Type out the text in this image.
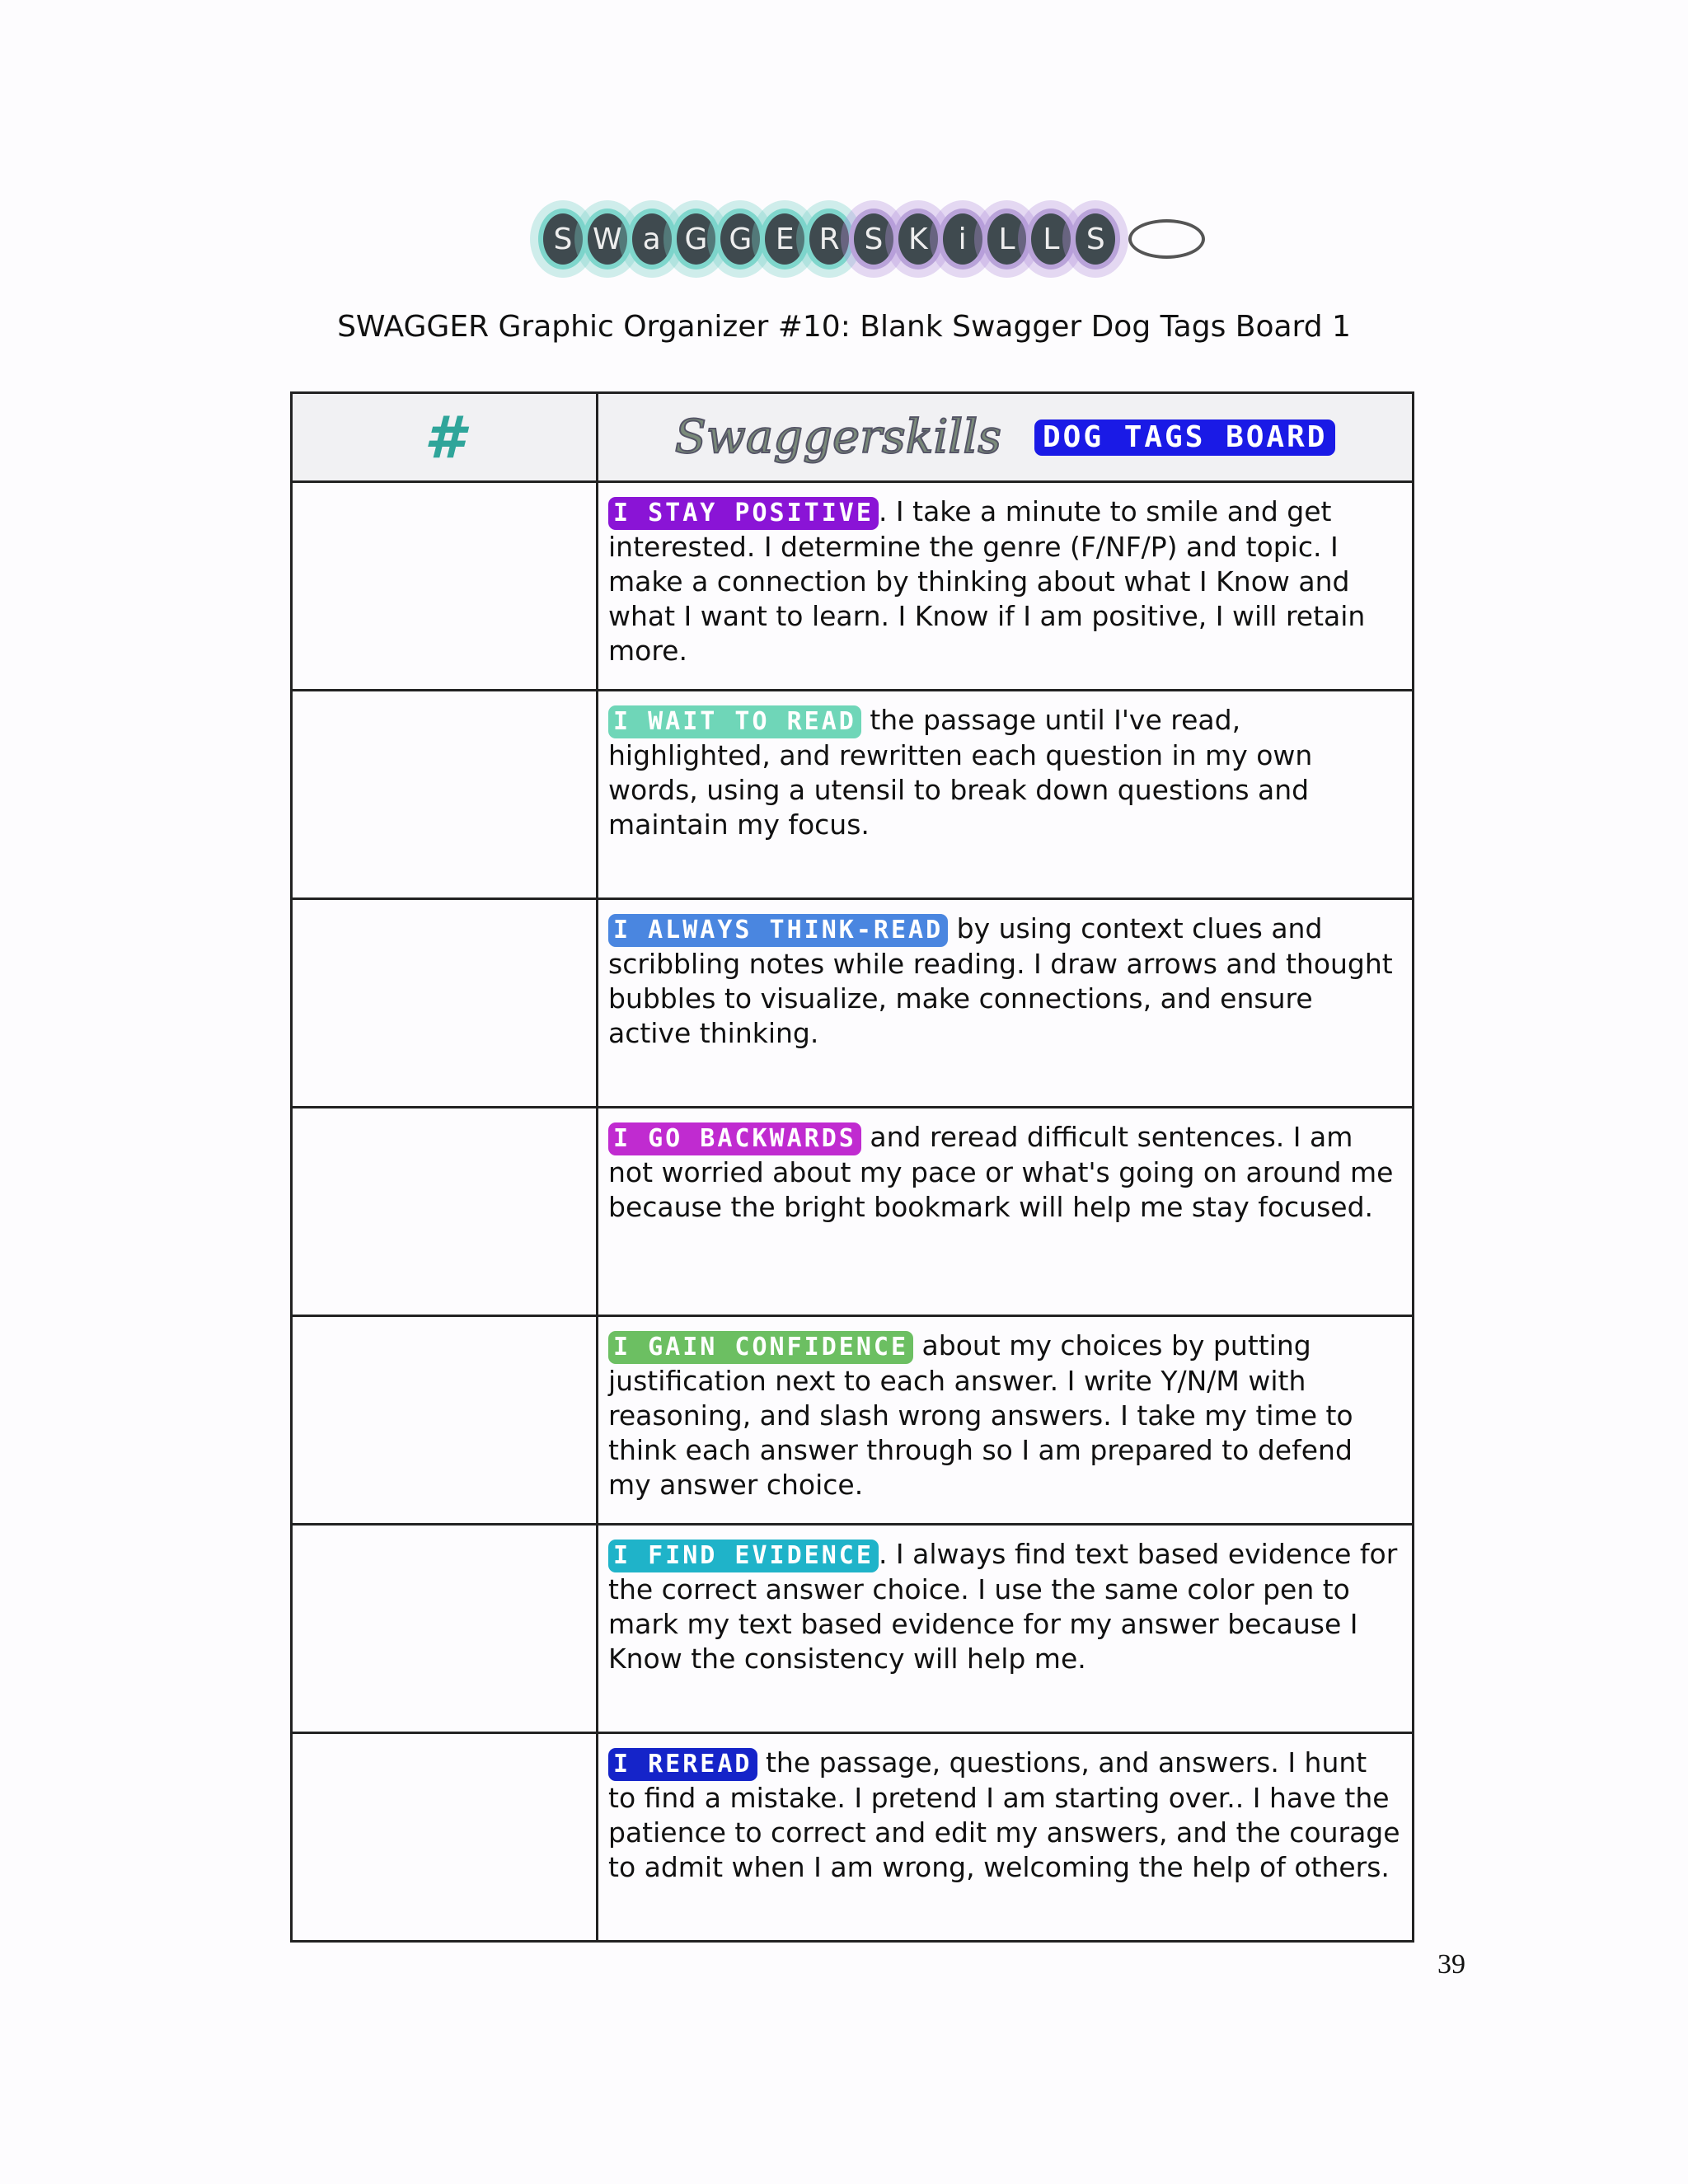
S W a G G E R S K	i	L L S
SWAGGER Graphic Organizer #10: Blank Swagger Dog Tags Board 1
#	Swaggerskills DOG TAGS BOARD

	I STAY POSITIVE . I take a minute to smile and get interested. I determine the genre (F/NF/P) and topic. I make a connection by thinking about what I Know and what I want to learn. I Know if I am positive, I will retain more.

	I WAIT TO READ the passage until I've read, highlighted, and rewritten each question in my own words, using a utensil to break down questions and maintain my focus.

	I ALWAYS THINK-READ by using context clues and scribbling notes while reading. I draw arrows and thought bubbles to visualize, make connections, and ensure active thinking.

	I GO BACKWARDS and reread difficult sentences. I am not worried about my pace or what's going on around me because the bright bookmark will help me stay focused.

	I GAIN CONFIDENCE about my choices by putting justification next to each answer. I write Y/N/M with reasoning, and slash wrong answers. I take my time to think each answer through so I am prepared to defend my answer choice.

	I FIND EVIDENCE . I always find text based evidence for the correct answer choice. I use the same color pen to mark my text based evidence for my answer because I Know the consistency will help me.

	I REREAD the passage, questions, and answers. I hunt to find a mistake. I pretend I am starting over.. I have the patience to correct and edit my answers, and the courage to admit when I am wrong, welcoming the help of others.

39
